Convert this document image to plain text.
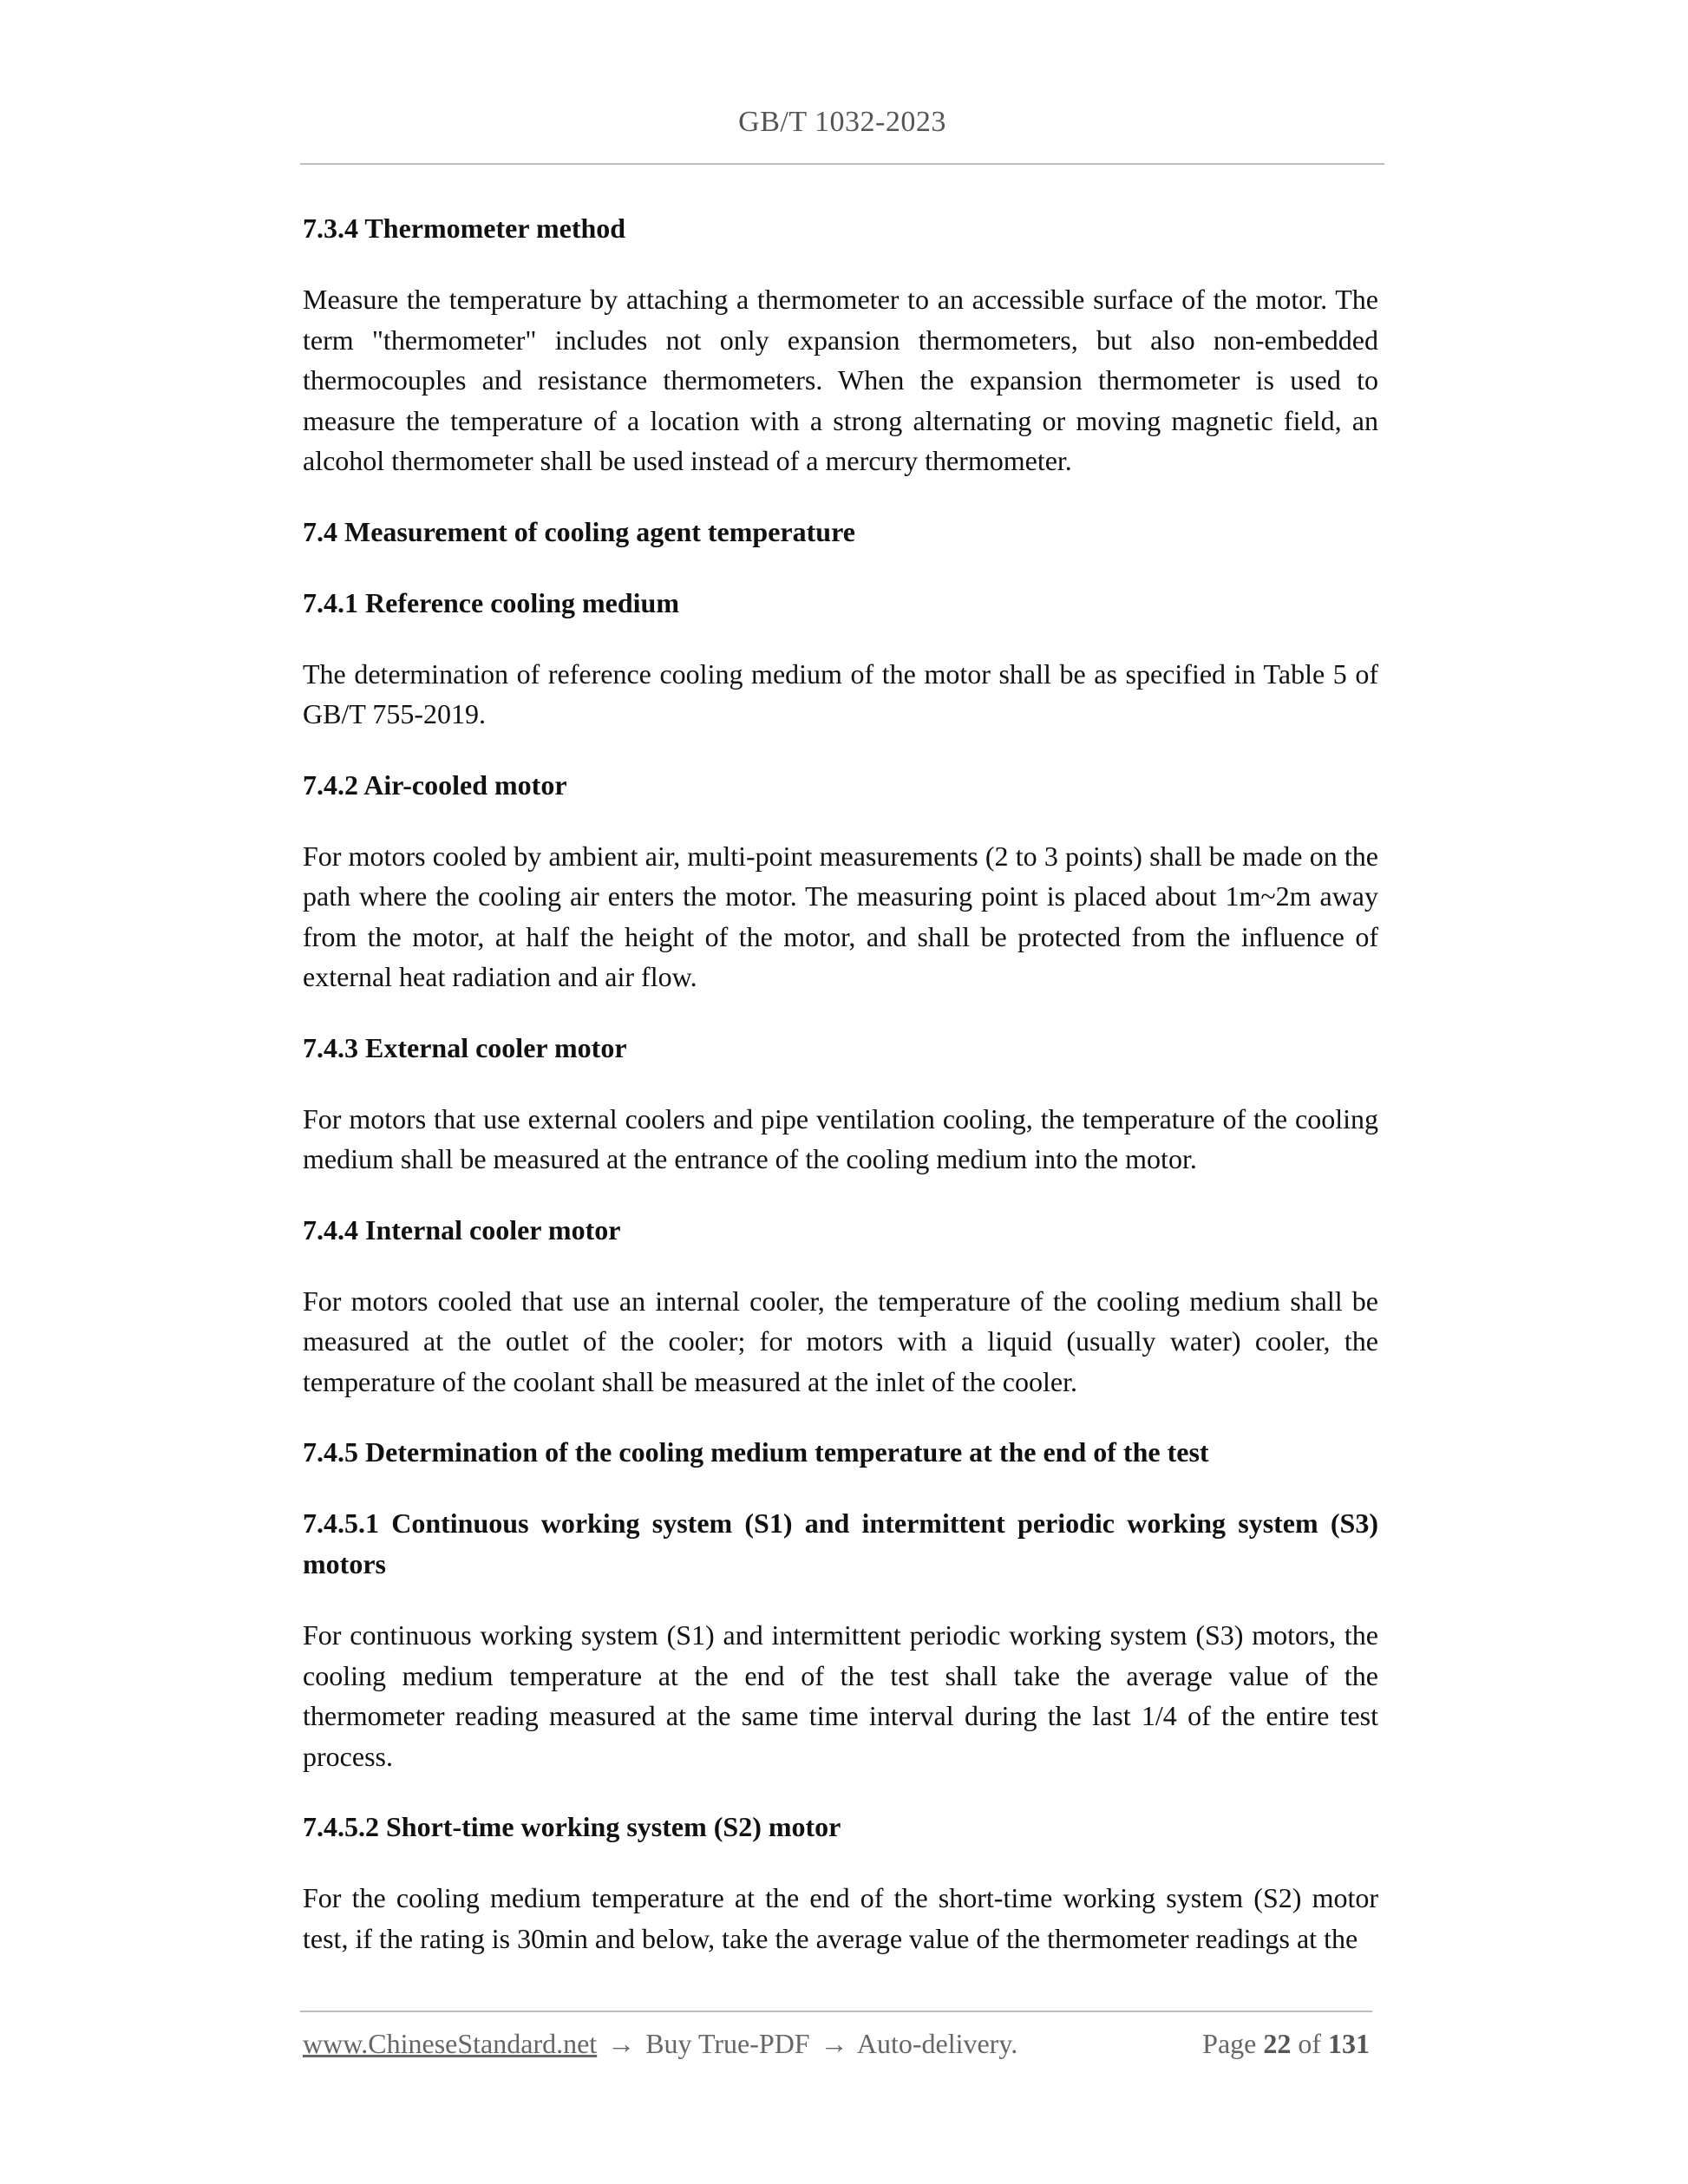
GB/T 1032-2023
7.3.4 Thermometer method
Measure the temperature by attaching a thermometer to an accessible surface of the motor. The term "thermometer" includes not only expansion thermometers, but also non-embedded thermocouples and resistance thermometers. When the expansion thermometer is used to measure the temperature of a location with a strong alternating or moving magnetic field, an alcohol thermometer shall be used instead of a mercury thermometer.
7.4 Measurement of cooling agent temperature
7.4.1 Reference cooling medium
The determination of reference cooling medium of the motor shall be as specified in Table 5 of GB/T 755-2019.
7.4.2 Air-cooled motor
For motors cooled by ambient air, multi-point measurements (2 to 3 points) shall be made on the path where the cooling air enters the motor. The measuring point is placed about 1m~2m away from the motor, at half the height of the motor, and shall be protected from the influence of external heat radiation and air flow.
7.4.3 External cooler motor
For motors that use external coolers and pipe ventilation cooling, the temperature of the cooling medium shall be measured at the entrance of the cooling medium into the motor.
7.4.4 Internal cooler motor
For motors cooled that use an internal cooler, the temperature of the cooling medium shall be measured at the outlet of the cooler; for motors with a liquid (usually water) cooler, the temperature of the coolant shall be measured at the inlet of the cooler.
7.4.5 Determination of the cooling medium temperature at the end of the test
7.4.5.1 Continuous working system (S1) and intermittent periodic working system (S3) motors
For continuous working system (S1) and intermittent periodic working system (S3) motors, the cooling medium temperature at the end of the test shall take the average value of the thermometer reading measured at the same time interval during the last 1/4 of the entire test process.
7.4.5.2 Short-time working system (S2) motor
For the cooling medium temperature at the end of the short-time working system (S2) motor test, if the rating is 30min and below, take the average value of the thermometer readings at the
www.ChineseStandard.net → Buy True-PDF → Auto-delivery.	Page 22 of 131
